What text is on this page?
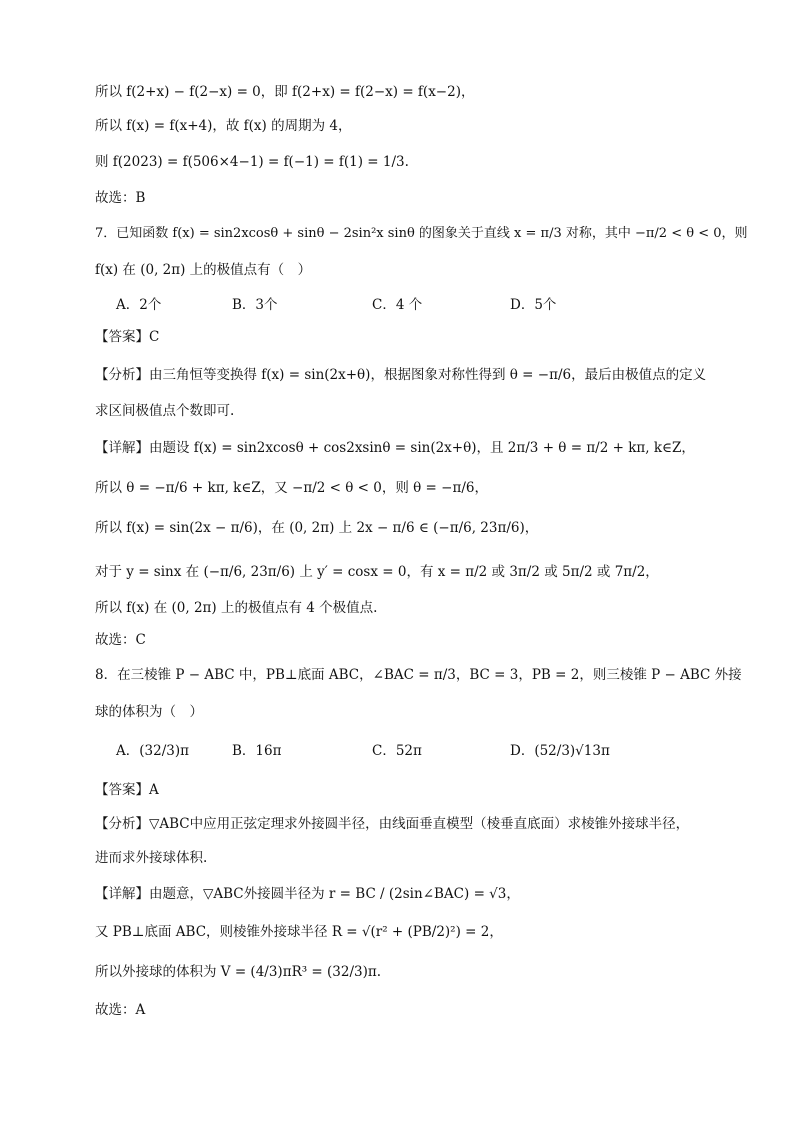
所以 f(2+x) − f(2−x) = 0，即 f(2+x) = f(2−x) = f(x−2)，
所以 f(x) = f(x+4)，故 f(x) 的周期为 4，
则 f(2023) = f(506×4−1) = f(−1) = f(1) = 1/3.
故选：B
7．已知函数 f(x) = sin2xcosθ + sinθ − 2sin²x sinθ 的图象关于直线 x = π/3 对称，其中 −π/2 < θ < 0，则
f(x) 在 (0, 2π) 上的极值点有（　）
A．2个	B．3个	C．4 个	D．5个
【答案】C
【分析】由三角恒等变换得 f(x) = sin(2x+θ)，根据图象对称性得到 θ = −π/6，最后由极值点的定义
求区间极值点个数即可.
【详解】由题设 f(x) = sin2xcosθ + cos2xsinθ = sin(2x+θ)，且 2π/3 + θ = π/2 + kπ, k∈Z，
所以 θ = −π/6 + kπ, k∈Z，又 −π/2 < θ < 0，则 θ = −π/6，
所以 f(x) = sin(2x − π/6)，在 (0, 2π) 上 2x − π/6 ∈ (−π/6, 23π/6)，
对于 y = sinx 在 (−π/6, 23π/6) 上 y′ = cosx = 0，有 x = π/2 或 3π/2 或 5π/2 或 7π/2，
所以 f(x) 在 (0, 2π) 上的极值点有 4 个极值点.
故选：C
8．在三棱锥 P − ABC 中，PB⊥底面 ABC，∠BAC = π/3，BC = 3，PB = 2，则三棱锥 P − ABC 外接
球的体积为（　）
A．(32/3)π	B．16π	C．52π	D．(52/3)√13π
【答案】A
【分析】▽ABC中应用正弦定理求外接圆半径，由线面垂直模型（棱垂直底面）求棱锥外接球半径，
进而求外接球体积.
【详解】由题意，▽ABC外接圆半径为 r = BC / (2sin∠BAC) = √3，
又 PB⊥底面 ABC，则棱锥外接球半径 R = √(r² + (PB/2)²) = 2，
所以外接球的体积为 V = (4/3)πR³ = (32/3)π.
故选：A
